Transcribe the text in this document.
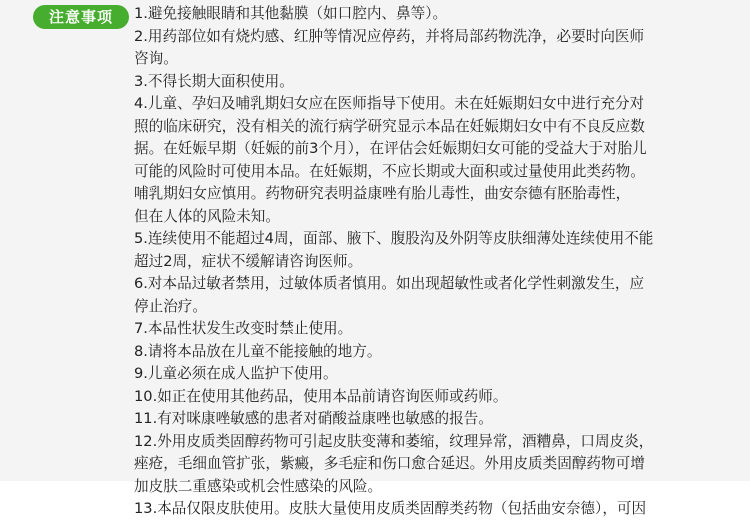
注意事项	1.避免接触眼睛和其他黏膜（如口腔内、鼻等）。

2.用药部位如有烧灼感、红肿等情况应停药，并将局部药物洗净，必要时向医师
咨询。

3.不得长期大面积使用。

4.儿童、孕妇及哺乳期妇女应在医师指导下使用。未在妊娠期妇女中进行充分对
照的临床研究，没有相关的流行病学研究显示本品在妊娠期妇女中有不良反应数
据。在妊娠早期（妊娠的前3个月），在评估会妊娠期妇女可能的受益大于对胎儿
可能的风险时可使用本品。在妊娠期，不应长期或大面积或过量使用此类药物。
哺乳期妇女应慎用。药物研究表明益康唑有胎儿毒性，曲安奈德有胚胎毒性，
但在人体的风险未知。

5.连续使用不能超过4周，面部、腋下、腹股沟及外阴等皮肤细薄处连续使用不能
超过2周，症状不缓解请咨询医师。

6.对本品过敏者禁用，过敏体质者慎用。如出现超敏性或者化学性刺激发生，应
停止治疗。

7.本品性状发生改变时禁止使用。

8.请将本品放在儿童不能接触的地方。

9.儿童必须在成人监护下使用。

10.如正在使用其他药品，使用本品前请咨询医师或药师。

11.有对咪康唑敏感的患者对硝酸益康唑也敏感的报告。

12.外用皮质类固醇药物可引起皮肤变薄和萎缩，纹理异常，酒糟鼻，口周皮炎，
痤疮，毛细血管扩张，紫癜，多毛症和伤口愈合延迟。外用皮质类固醇药物可增
加皮肤二重感染或机会性感染的风险。

13.本品仅限皮肤使用。皮肤大量使用皮质类固醇类药物（包括曲安奈德），可因
